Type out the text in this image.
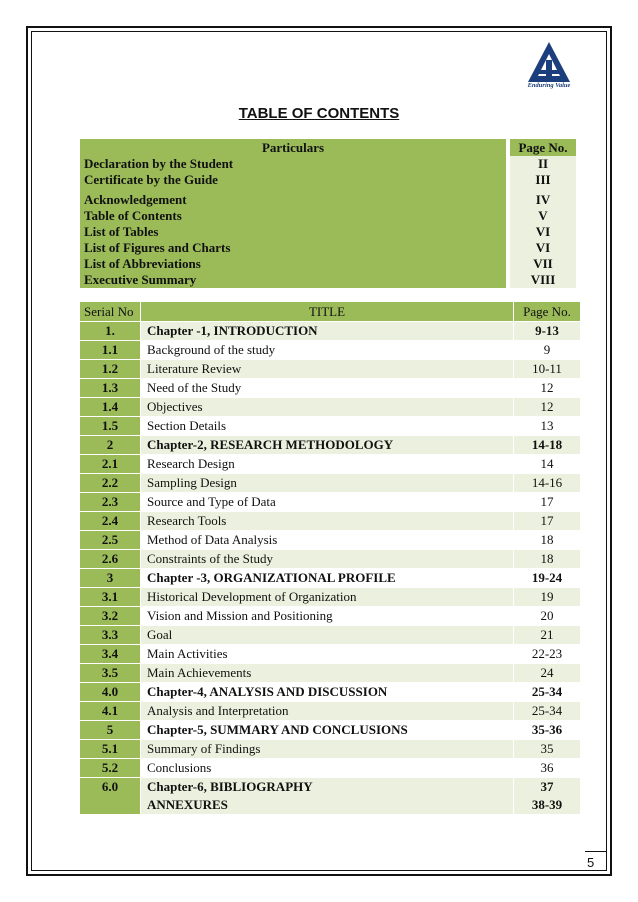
Enduring Value
TABLE OF CONTENTS
Particulars	Page No.
Declaration by the Student	II
Certificate by the Guide	III
Acknowledgement	IV
Table of Contents	V
List of Tables	VI
List of Figures and Charts	VI
List of Abbreviations	VII
Executive Summary	VIII
Serial No	TITLE	Page No.
1.	Chapter -1, INTRODUCTION	9-13
1.1	Background of the study	9
1.2	Literature Review	10-11
1.3	Need of the Study	12
1.4	Objectives	12
1.5	Section Details	13
2	Chapter-2, RESEARCH METHODOLOGY	14-18
2.1	Research Design	14
2.2	Sampling Design	14-16
2.3	Source and Type of Data	17
2.4	Research Tools	17
2.5	Method of Data Analysis	18
2.6	Constraints of the Study	18
3	Chapter -3, ORGANIZATIONAL PROFILE	19-24
3.1	Historical Development of Organization	19
3.2	Vision and Mission and Positioning	20
3.3	Goal	21
3.4	Main Activities	22-23
3.5	Main Achievements	24
4.0	Chapter-4, ANALYSIS AND DISCUSSION	25-34
4.1	Analysis and Interpretation	25-34
5	Chapter-5, SUMMARY AND CONCLUSIONS	35-36
5.1	Summary of Findings	35
5.2	Conclusions	36
6.0	Chapter-6, BIBLIOGRAPHY	37
	ANNEXURES	38-39
5
